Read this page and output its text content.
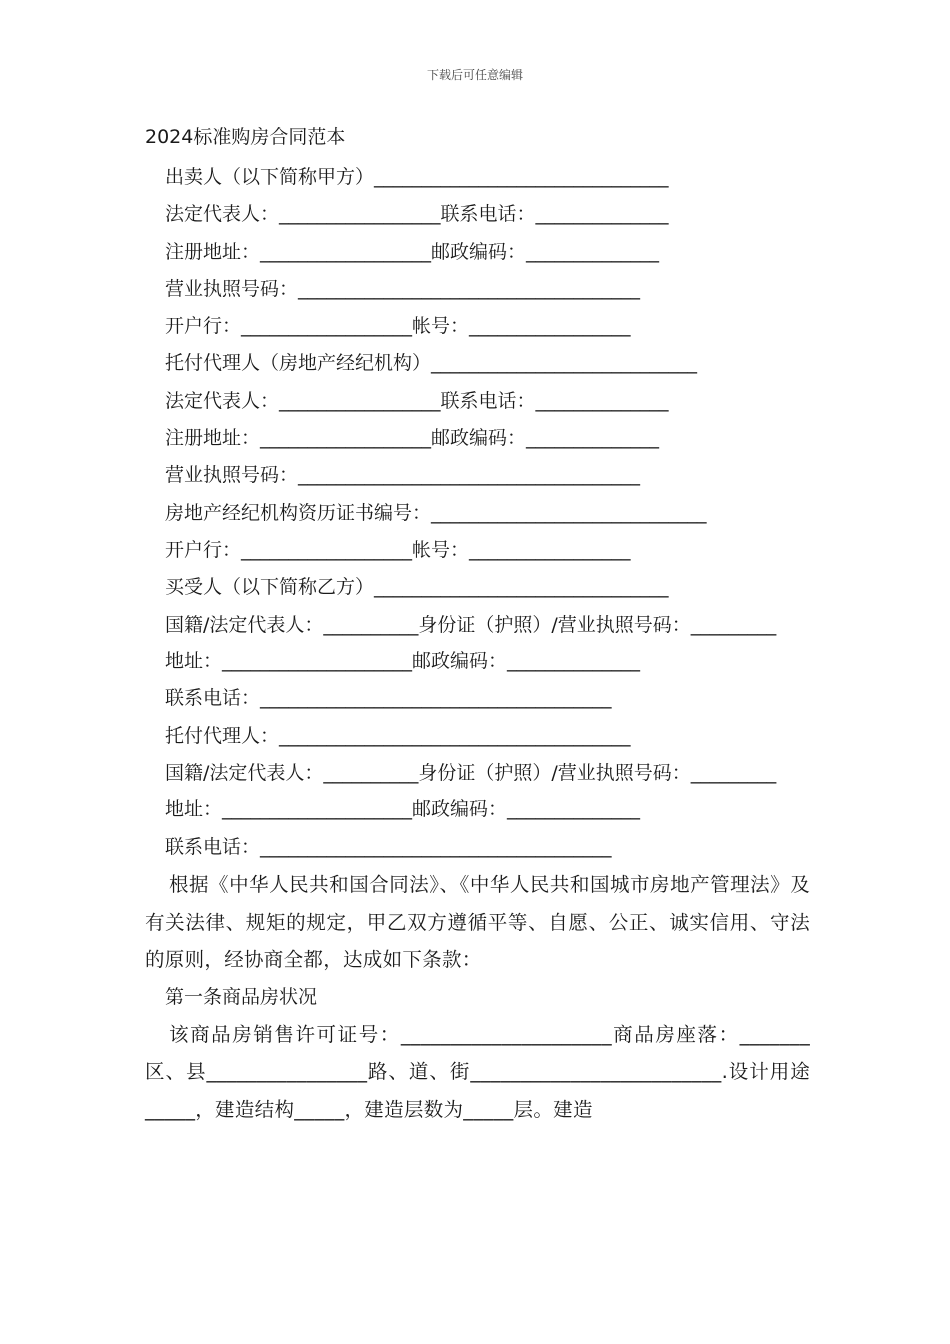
下载后可任意编辑
2024标准购房合同范本
出卖人（以下简称甲方）_______________________________
法定代表人：_________________联系电话：______________
注册地址：__________________邮政编码：______________
营业执照号码：____________________________________
开户行：__________________帐号：_________________
托付代理人（房地产经纪机构）____________________________
法定代表人：_________________联系电话：______________
注册地址：__________________邮政编码：______________
营业执照号码：____________________________________
房地产经纪机构资历证书编号：_____________________________
开户行：__________________帐号：_________________
买受人（以下简称乙方）_______________________________
国籍/法定代表人：__________身份证（护照）/营业执照号码：_________
地址：____________________邮政编码：______________
联系电话：_____________________________________
托付代理人：_____________________________________
国籍/法定代表人：__________身份证（护照）/营业执照号码：_________
地址：____________________邮政编码：______________
联系电话：_____________________________________
根据《中华人民共和国合同法》、《中华人民共和国城市房地产管理法》及有关法律、规矩的规定，甲乙双方遵循平等、自愿、公正、诚实信用、守法的原则，经协商全都，达成如下条款：
第一条商品房状况
该商品房销售许可证号：_____________________商品房座落：_______区、县________________路、道、街_________________________.设计用途_____，建造结构_____，建造层数为_____层。建造
